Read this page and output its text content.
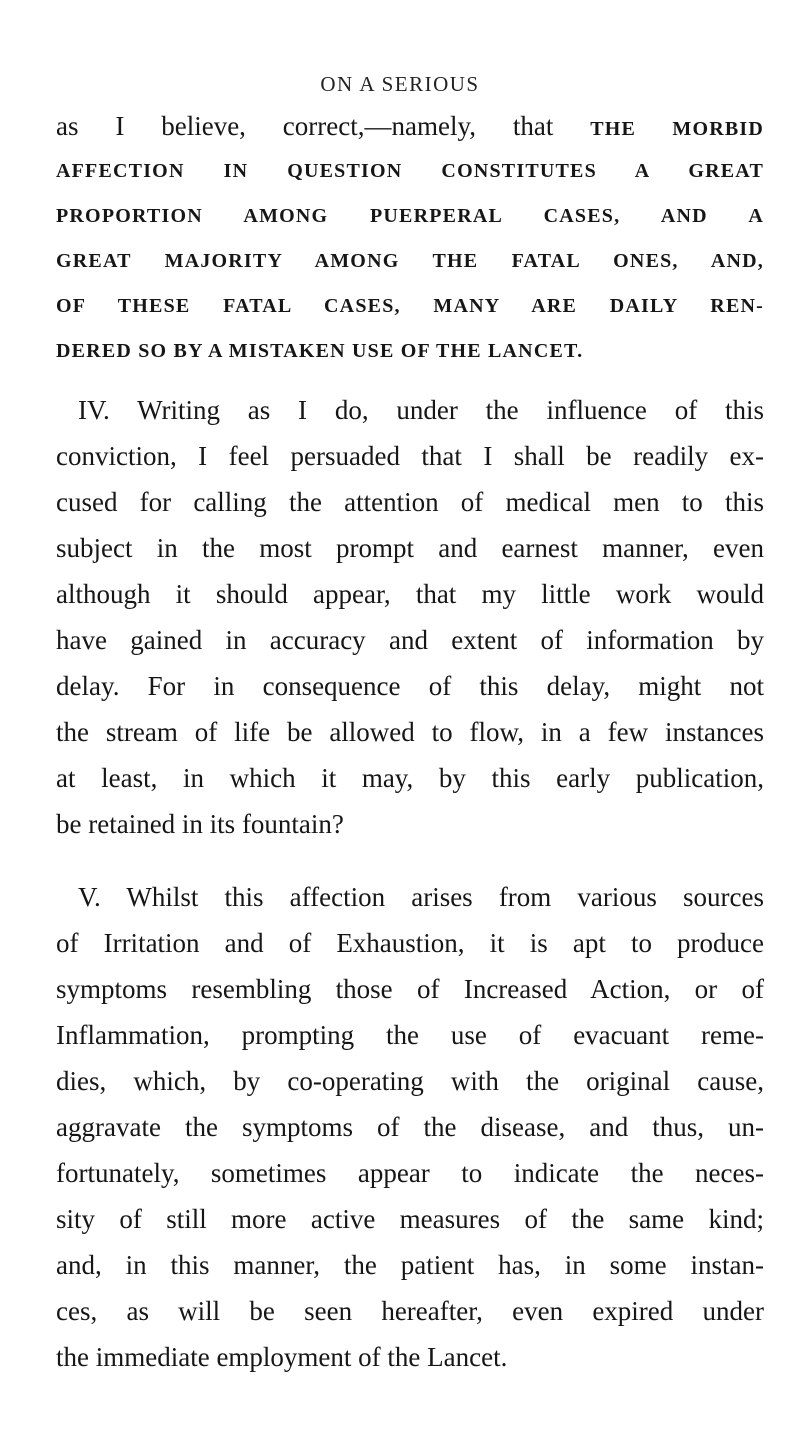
ON A SERIOUS
as I believe, correct,—namely, that THE MORBID
AFFECTION IN QUESTION CONSTITUTES A GREAT
PROPORTION AMONG PUERPERAL CASES, AND A
GREAT MAJORITY AMONG THE FATAL ONES, AND,
OF THESE FATAL CASES, MANY ARE DAILY REN-
DERED SO BY A MISTAKEN USE OF THE LANCET.
IV. Writing as I do, under the influence of this
conviction, I feel persuaded that I shall be readily ex-
cused for calling the attention of medical men to this
subject in the most prompt and earnest manner, even
although it should appear, that my little work would
have gained in accuracy and extent of information by
delay. For in consequence of this delay, might not
the stream of life be allowed to flow, in a few instances
at least, in which it may, by this early publication,
be retained in its fountain?
V. Whilst this affection arises from various sources
of Irritation and of Exhaustion, it is apt to produce
symptoms resembling those of Increased Action, or of
Inflammation, prompting the use of evacuant reme-
dies, which, by co-operating with the original cause,
aggravate the symptoms of the disease, and thus, un-
fortunately, sometimes appear to indicate the neces-
sity of still more active measures of the same kind;
and, in this manner, the patient has, in some instan-
ces, as will be seen hereafter, even expired under
the immediate employment of the Lancet.
